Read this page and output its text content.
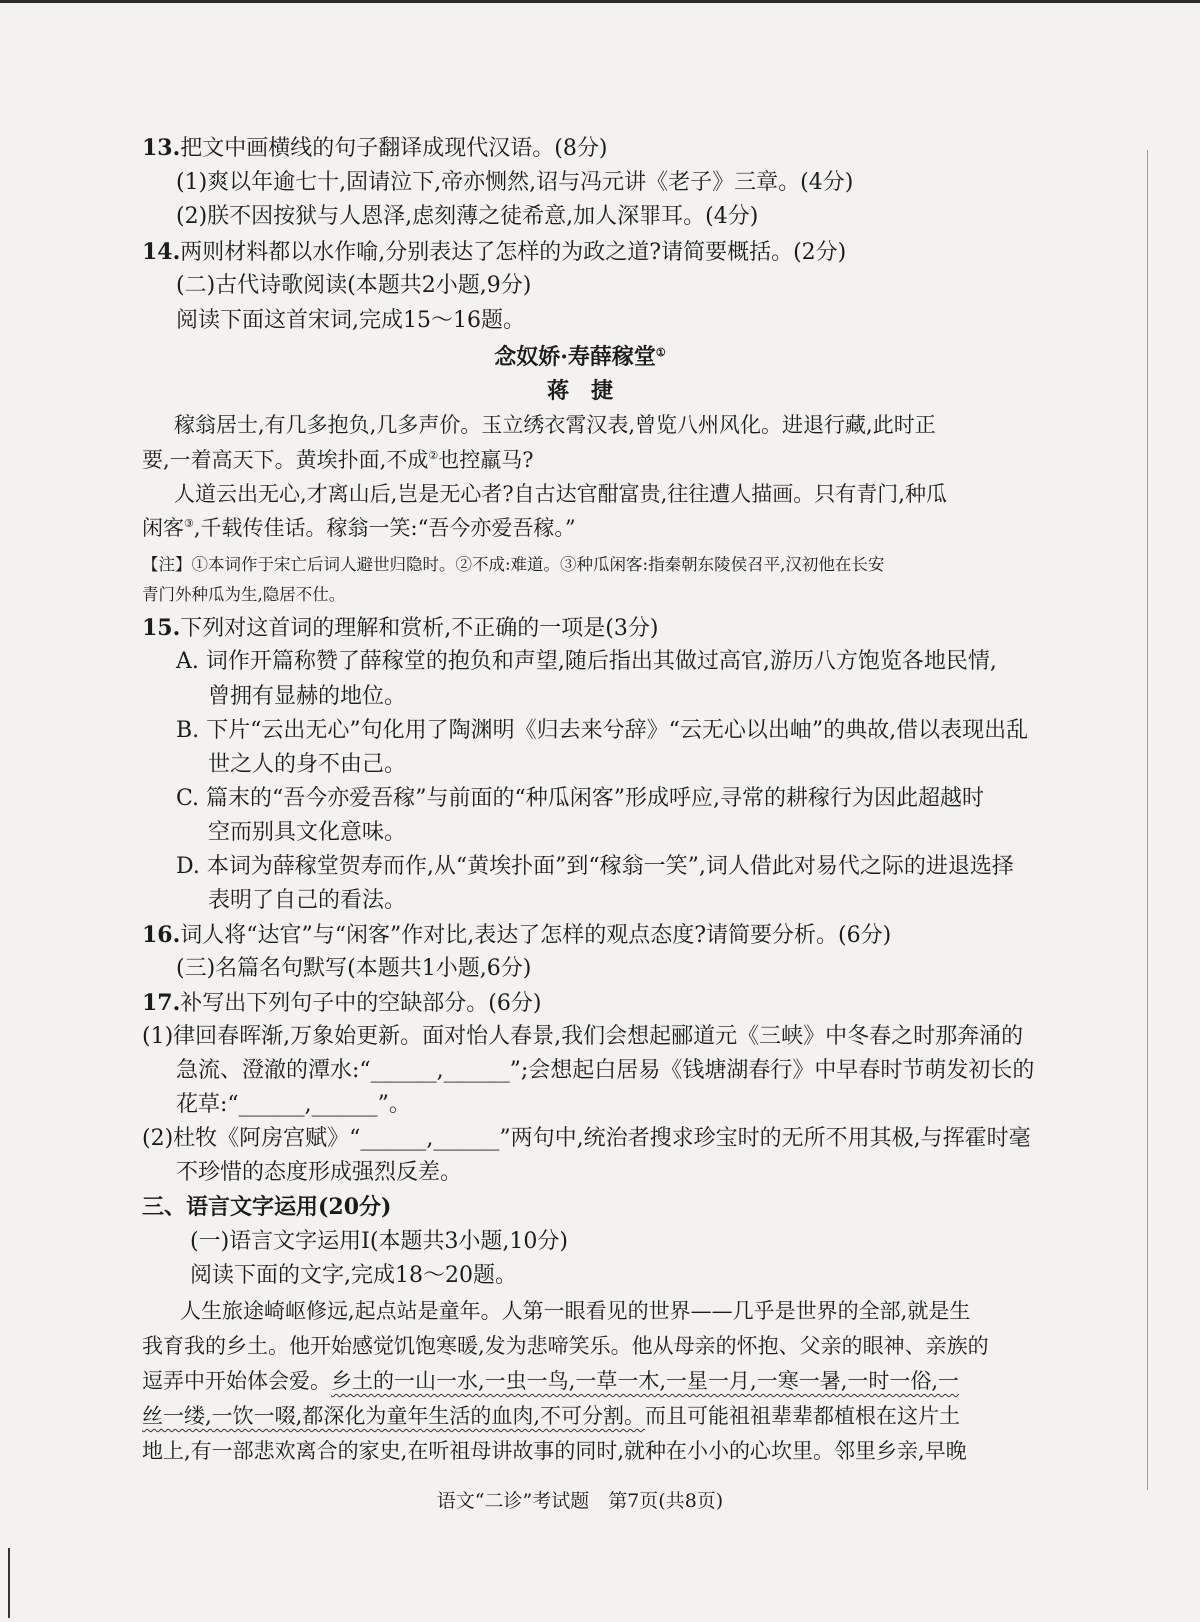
13.把文中画横线的句子翻译成现代汉语。(8分)
(1)爽以年逾七十,固请泣下,帝亦恻然,诏与冯元讲《老子》三章。(4分)
(2)朕不因按狱与人恩泽,虑刻薄之徒希意,加人深罪耳。(4分)
14.两则材料都以水作喻,分别表达了怎样的为政之道?请简要概括。(2分)
(二)古代诗歌阅读(本题共2小题,9分)
阅读下面这首宋词,完成15～16题。
念奴娇·寿薛稼堂①
蒋　捷
稼翁居士,有几多抱负,几多声价。玉立绣衣霄汉表,曾览八州风化。进退行藏,此时正
要,一着高天下。黄埃扑面,不成②也控羸马?
人道云出无心,才离山后,岂是无心者?自古达官酣富贵,往往遭人描画。只有青门,种瓜
闲客③,千载传佳话。稼翁一笑:“吾今亦爱吾稼。”
【注】①本词作于宋亡后词人避世归隐时。②不成:难道。③种瓜闲客:指秦朝东陵侯召平,汉初他在长安
青门外种瓜为生,隐居不仕。
15.下列对这首词的理解和赏析,不正确的一项是(3分)
A. 词作开篇称赞了薛稼堂的抱负和声望,随后指出其做过高官,游历八方饱览各地民情,
曾拥有显赫的地位。
B. 下片“云出无心”句化用了陶渊明《归去来兮辞》“云无心以出岫”的典故,借以表现出乱
世之人的身不由己。
C. 篇末的“吾今亦爱吾稼”与前面的“种瓜闲客”形成呼应,寻常的耕稼行为因此超越时
空而别具文化意味。
D. 本词为薛稼堂贺寿而作,从“黄埃扑面”到“稼翁一笑”,词人借此对易代之际的进退选择
表明了自己的看法。
16.词人将“达官”与“闲客”作对比,表达了怎样的观点态度?请简要分析。(6分)
(三)名篇名句默写(本题共1小题,6分)
17.补写出下列句子中的空缺部分。(6分)
(1)律回春晖渐,万象始更新。面对怡人春景,我们会想起郦道元《三峡》中冬春之时那奔涌的
急流、澄澈的潭水:“______,______”;会想起白居易《钱塘湖春行》中早春时节萌发初长的
花草:“______,______”。
(2)杜牧《阿房宫赋》“______,______”两句中,统治者搜求珍宝时的无所不用其极,与挥霍时毫
不珍惜的态度形成强烈反差。
三、语言文字运用(20分)
(一)语言文字运用Ⅰ(本题共3小题,10分)
阅读下面的文字,完成18～20题。
人生旅途崎岖修远,起点站是童年。人第一眼看见的世界——几乎是世界的全部,就是生
我育我的乡土。他开始感觉饥饱寒暖,发为悲啼笑乐。他从母亲的怀抱、父亲的眼神、亲族的
逗弄中开始体会爱。乡土的一山一水,一虫一鸟,一草一木,一星一月,一寒一暑,一时一俗,一
丝一缕,一饮一啜,都深化为童年生活的血肉,不可分割。而且可能祖祖辈辈都植根在这片土
地上,有一部悲欢离合的家史,在听祖母讲故事的同时,就种在小小的心坎里。邻里乡亲,早晚
语文“二诊”考试题　第7页(共8页)
